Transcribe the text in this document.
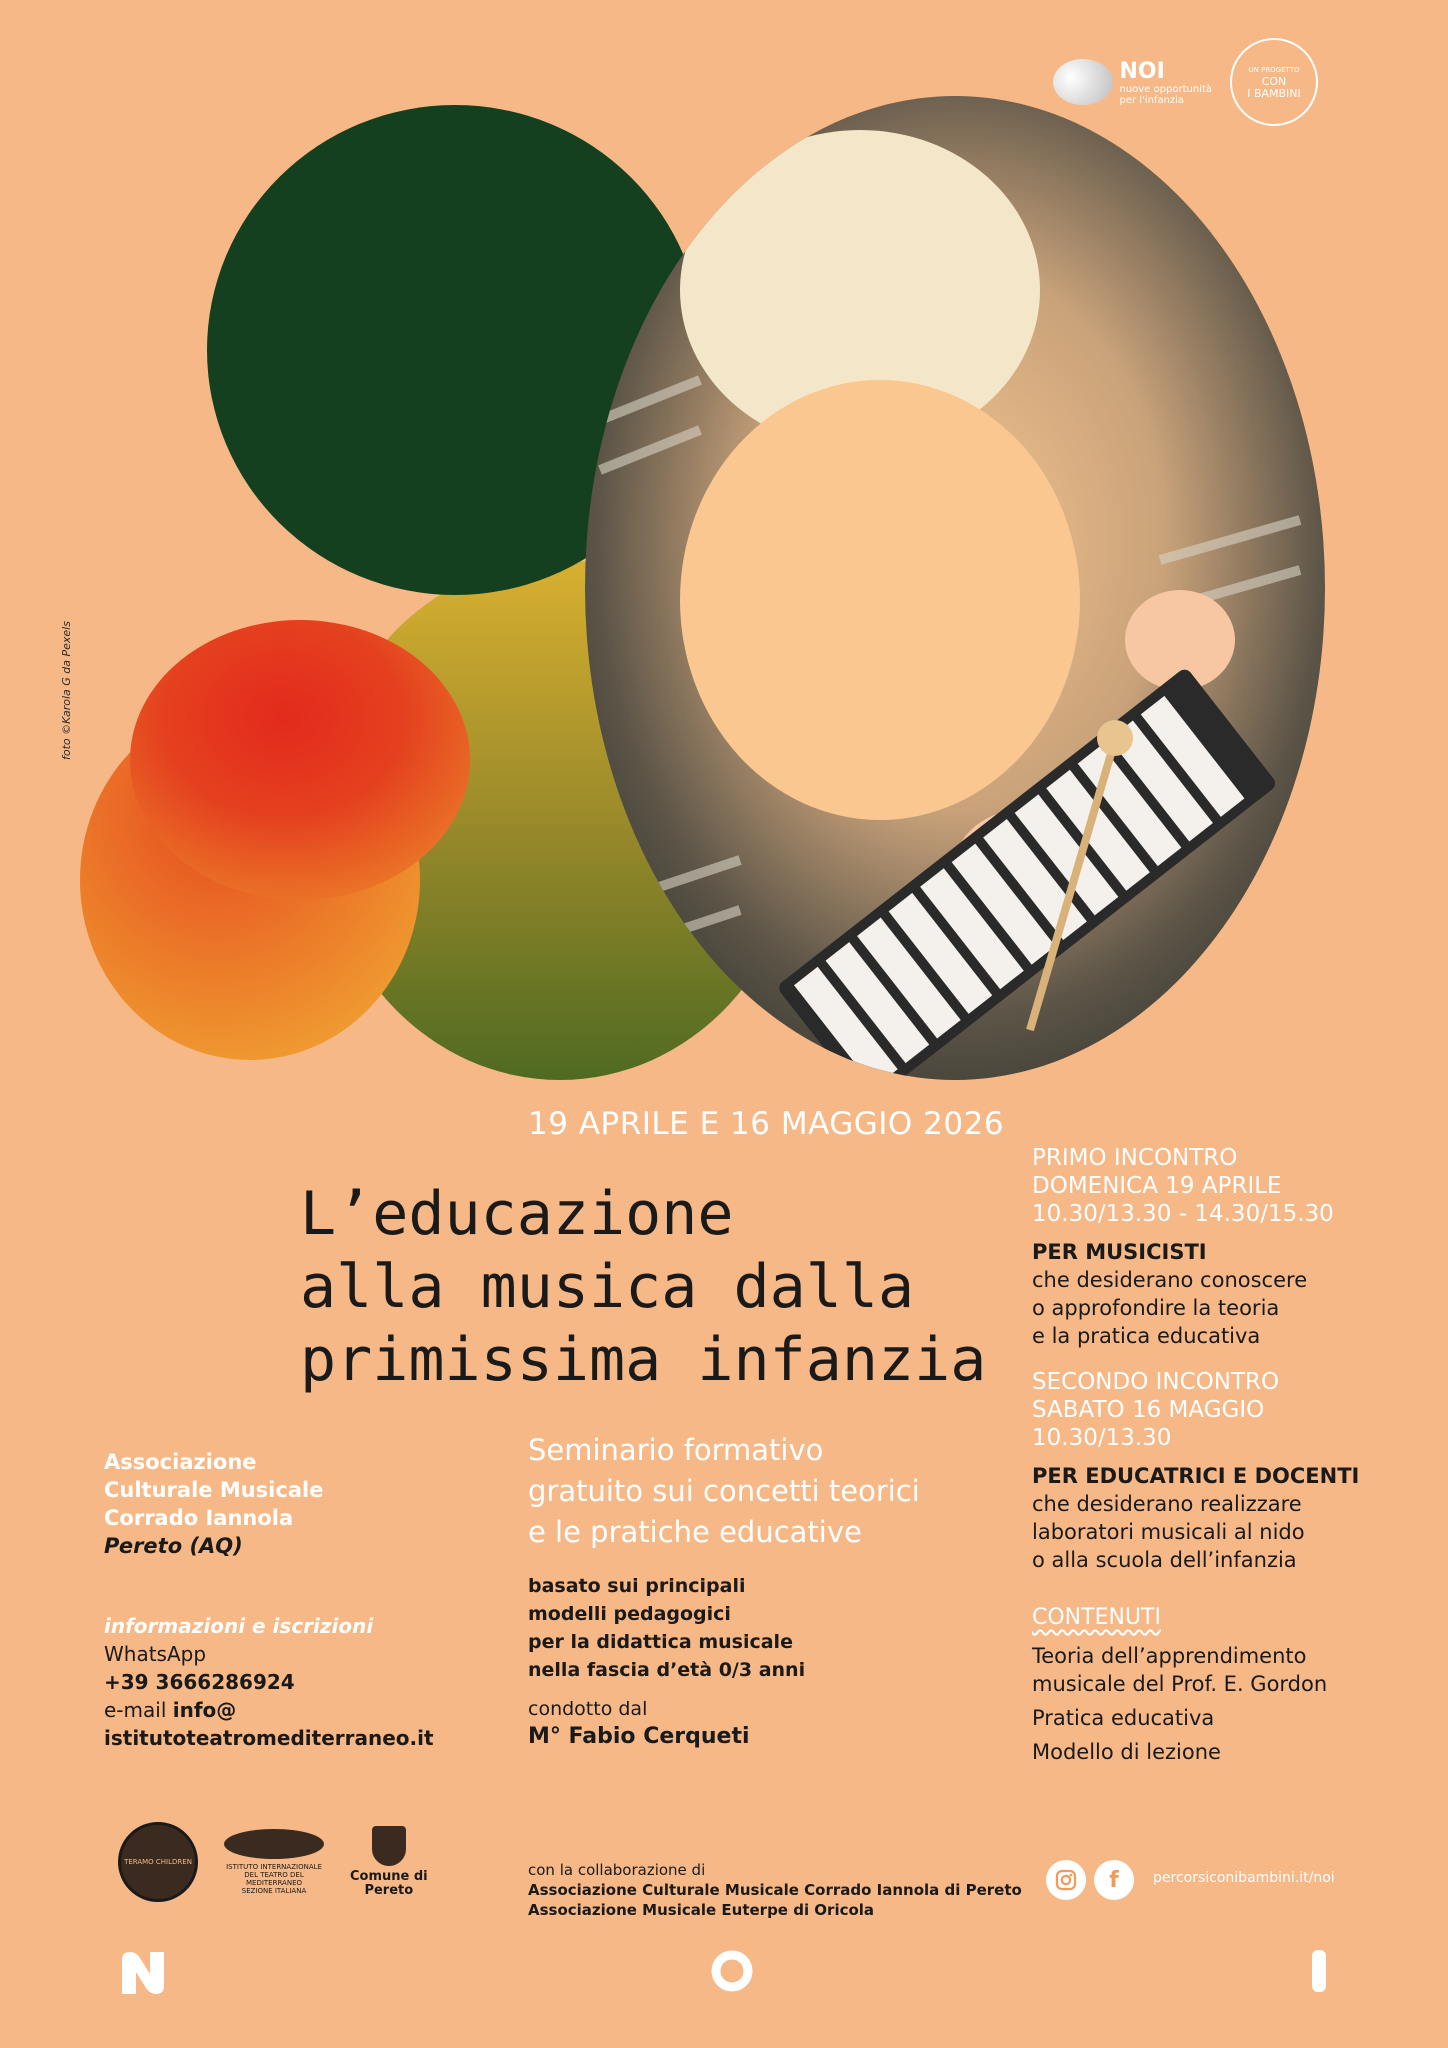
foto ©Karola G da Pexels
NOI
nuove opportunità
per l'infanzia
UN PROGETTO
CON
I BAMBINI
19 APRILE E 16 MAGGIO 2026
L’educazione
alla musica dalla
primissima infanzia
Seminario formativo
gratuito sui concetti teorici
e le pratiche educative
basato sui principali
modelli pedagogici
per la didattica musicale
nella fascia d’età 0/3 anni
condotto dal
M° Fabio Cerqueti
Associazione
Culturale Musicale
Corrado Iannola
Pereto (AQ)
informazioni e iscrizioni
WhatsApp
+39 3666286924
e-mail info@
istitutoteatromediterraneo.it
PRIMO INCONTRO
DOMENICA 19 APRILE
10.30/13.30 - 14.30/15.30
PER MUSICISTI
che desiderano conoscere
o approfondire la teoria
e la pratica educativa
SECONDO INCONTRO
SABATO 16 MAGGIO
10.30/13.30
PER EDUCATRICI E DOCENTI
che desiderano realizzare
laboratori musicali al nido
o alla scuola dell’infanzia
CONTENUTI
Teoria dell’apprendimento
musicale del Prof. E. Gordon
Pratica educativa
Modello di lezione
TERAMO CHILDREN
ISTITUTO INTERNAZIONALE
DEL TEATRO DEL MEDITERRANEO
SEZIONE ITALIANA
Comune di
Pereto
con la collaborazione di
Associazione Culturale Musicale Corrado Iannola di Pereto
Associazione Musicale Euterpe di Oricola
f	percorsiconibambini.it/noi
